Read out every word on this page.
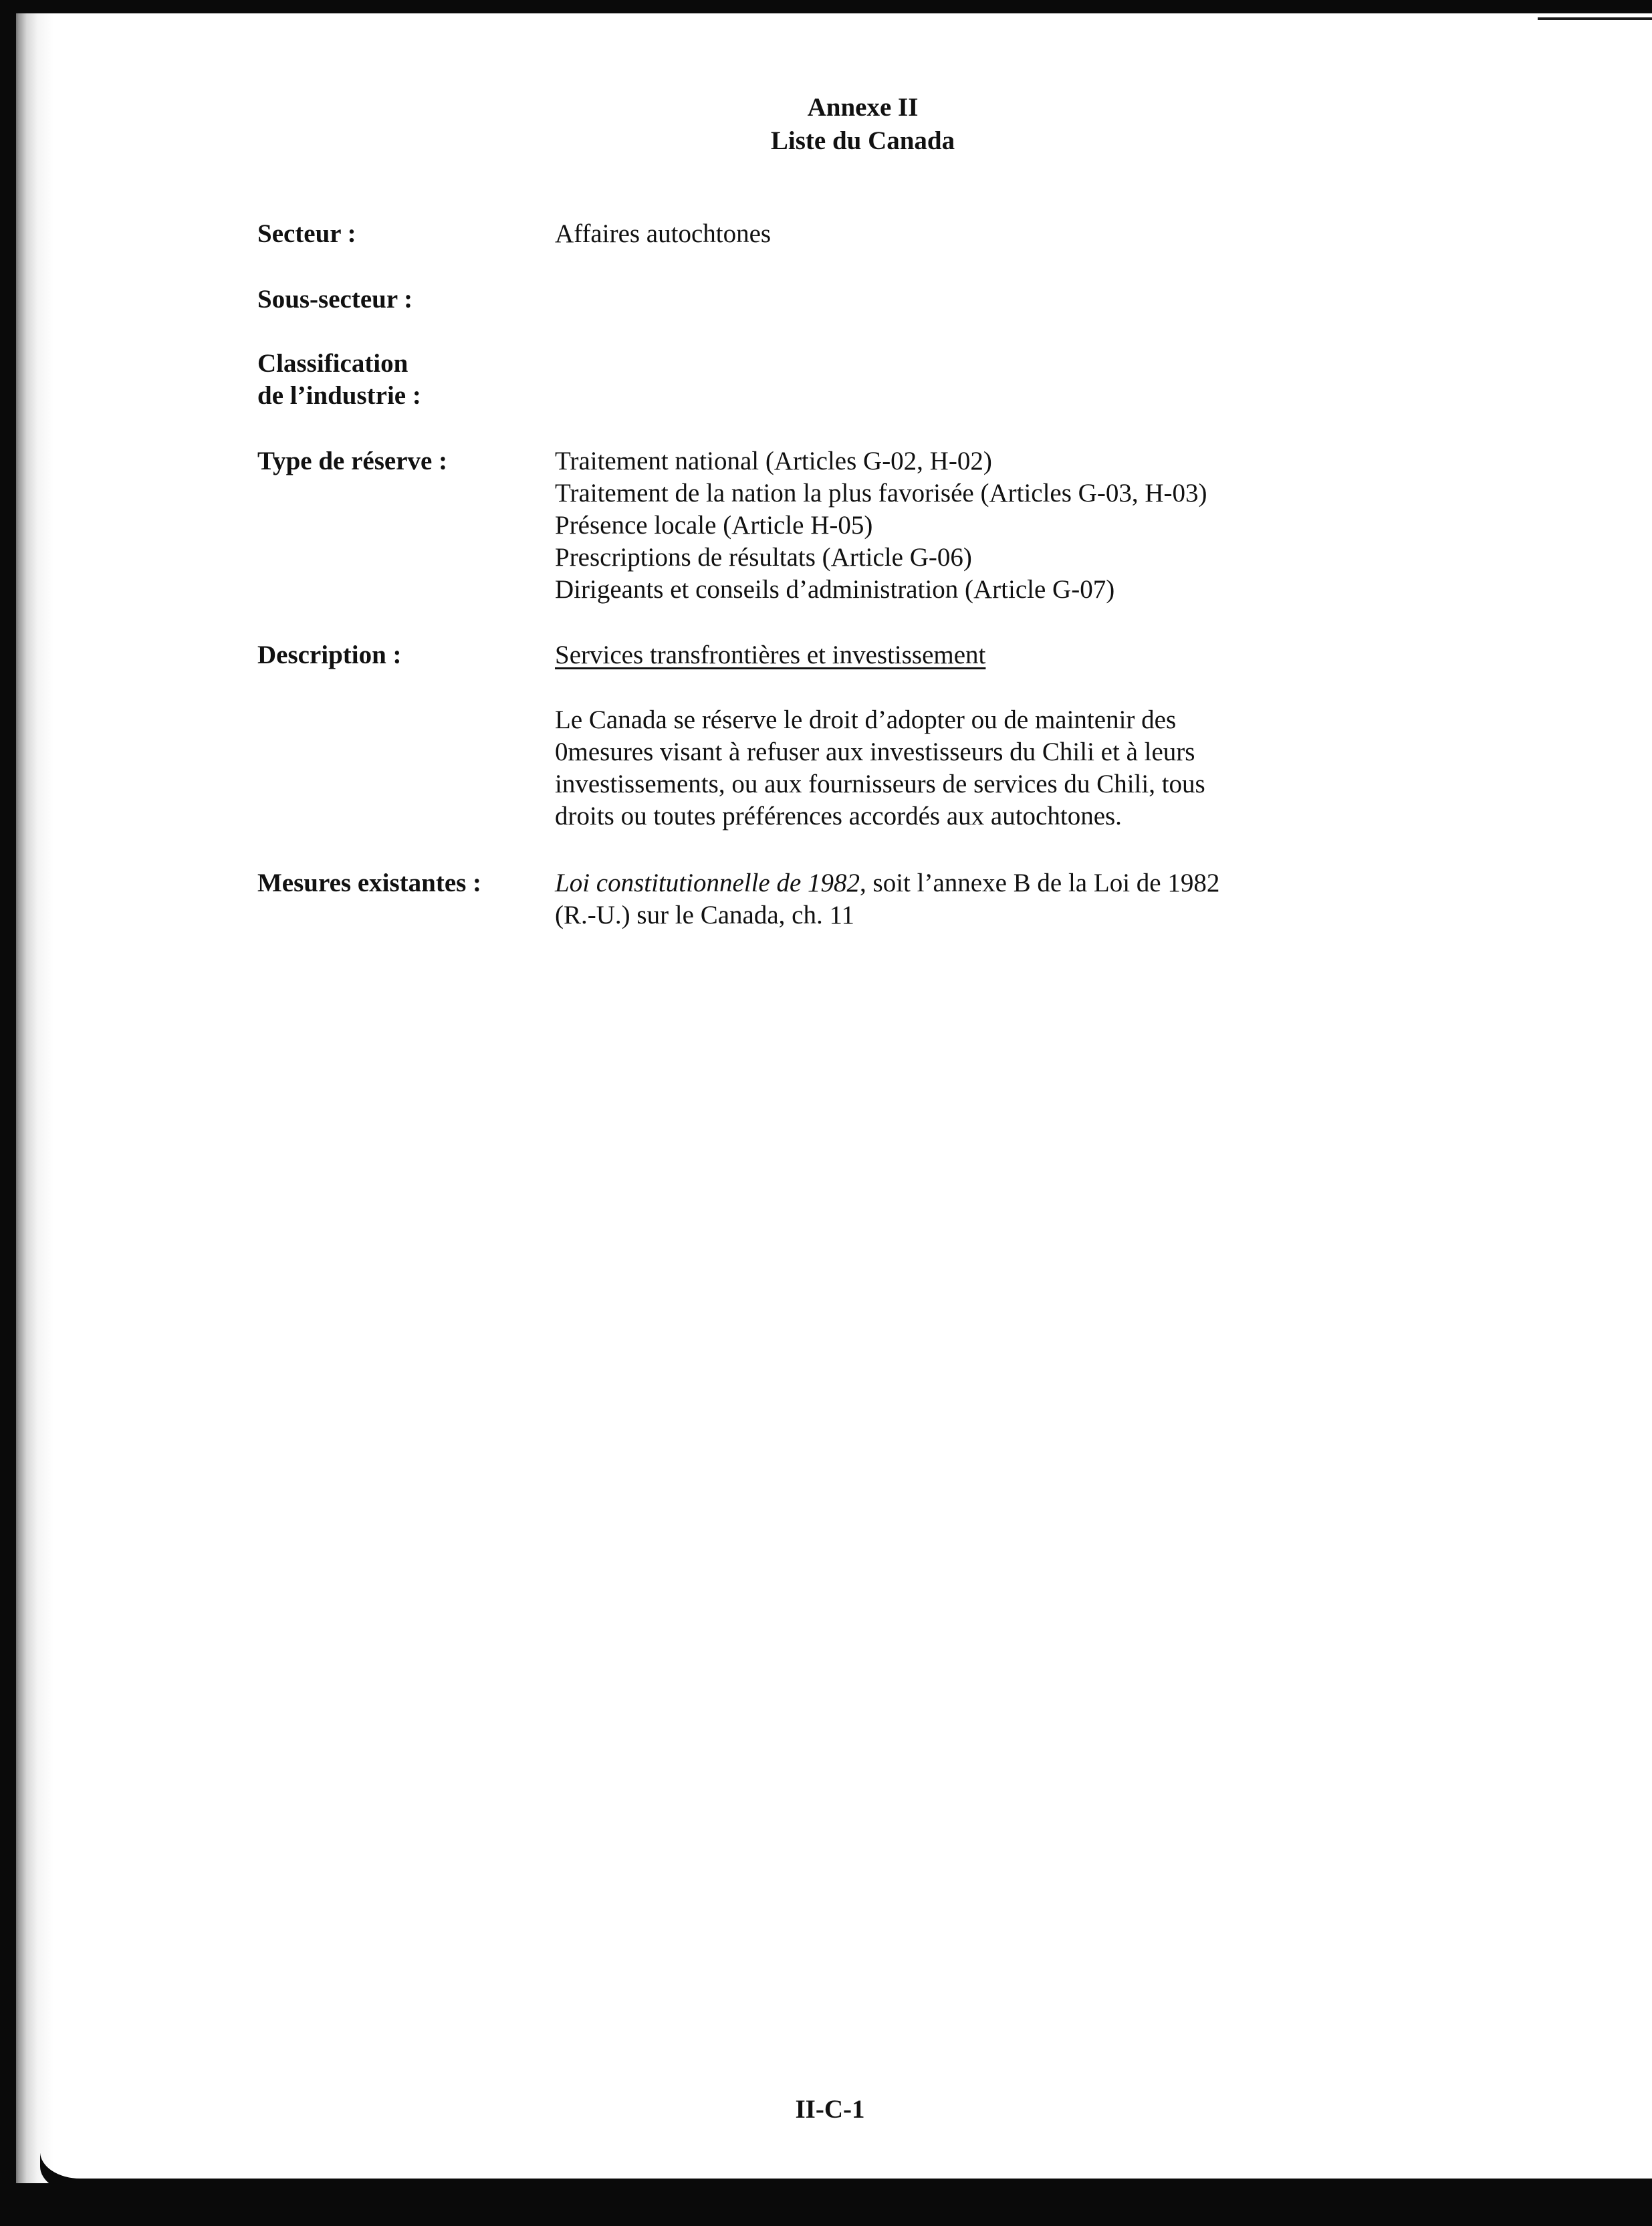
Annexe II
Liste du Canada
Secteur :	Affaires autochtones
Sous-secteur :
Classification
de l’industrie :
Type de réserve :	Traitement national (Articles G-02, H-02)
Traitement de la nation la plus favorisée (Articles G-03, H-03)
Présence locale (Article H-05)
Prescriptions de résultats (Article G-06)
Dirigeants et conseils d’administration (Article G-07)
Description :	Services transfrontières et investissement
Le Canada se réserve le droit d’adopter ou de maintenir des
0mesures visant à refuser aux investisseurs du Chili et à leurs
investissements, ou aux fournisseurs de services du Chili, tous
droits ou toutes préférences accordés aux autochtones.
Mesures existantes :	Loi constitutionnelle de 1982, soit l’annexe B de la Loi de 1982
(R.-U.) sur le Canada, ch. 11
II-C-1
